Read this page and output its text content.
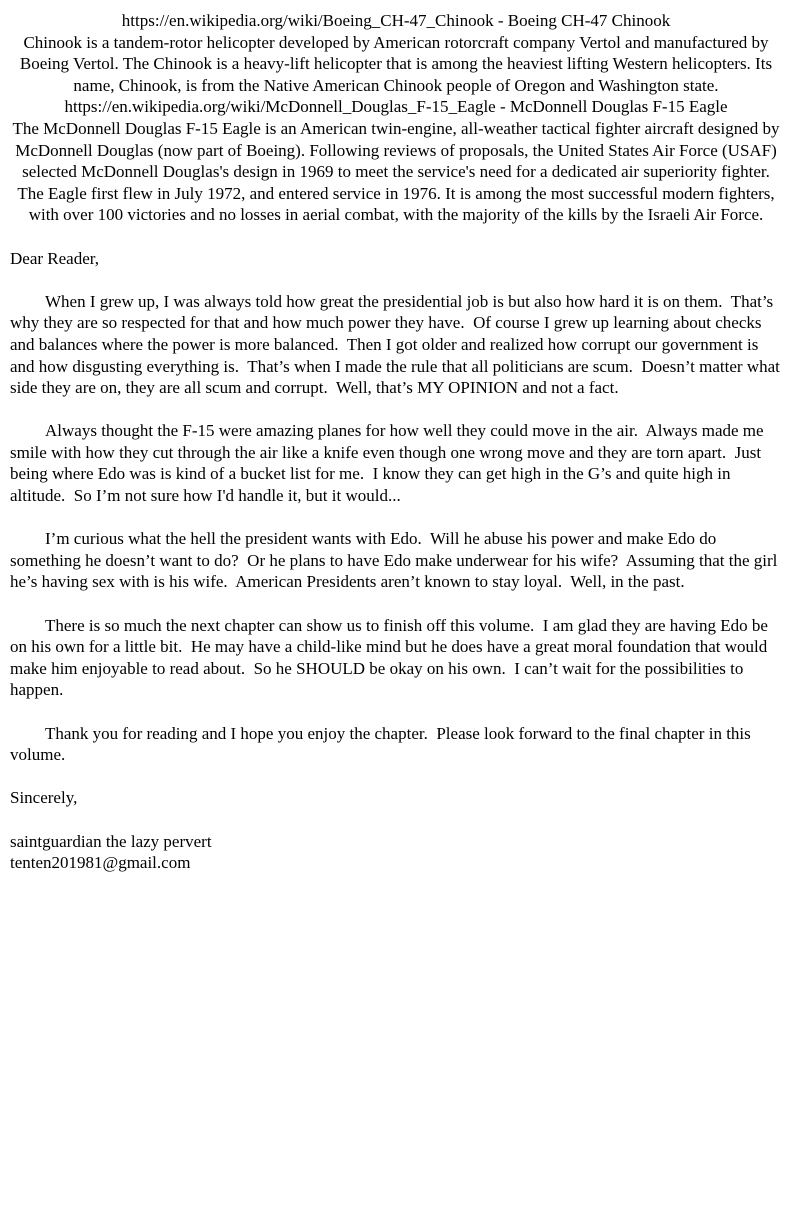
https://en.wikipedia.org/wiki/Boeing_CH-47_Chinook - Boeing CH-47 Chinook

Chinook is a tandem-rotor helicopter developed by American rotorcraft company Vertol and manufactured by Boeing Vertol. The Chinook is a heavy-lift helicopter that is among the heaviest lifting Western helicopters. Its name, Chinook, is from the Native American Chinook people of Oregon and Washington state.

https://en.wikipedia.org/wiki/McDonnell_Douglas_F-15_Eagle - McDonnell Douglas F-15 Eagle

The McDonnell Douglas F-15 Eagle is an American twin-engine, all-weather tactical fighter aircraft designed by McDonnell Douglas (now part of Boeing). Following reviews of proposals, the United States Air Force (USAF) selected McDonnell Douglas's design in 1969 to meet the service's need for a dedicated air superiority fighter. The Eagle first flew in July 1972, and entered service in 1976. It is among the most successful modern fighters, with over 100 victories and no losses in aerial combat, with the majority of the kills by the Israeli Air Force.

Dear Reader,

When I grew up, I was always told how great the presidential job is but also how hard it is on them.  That’s why they are so respected for that and how much power they have.  Of course I grew up learning about checks and balances where the power is more balanced.  Then I got older and realized how corrupt our government is and how disgusting everything is.  That’s when I made the rule that all politicians are scum.  Doesn’t matter what side they are on, they are all scum and corrupt.  Well, that’s MY OPINION and not a fact.

Always thought the F-15 were amazing planes for how well they could move in the air.  Always made me smile with how they cut through the air like a knife even though one wrong move and they are torn apart.  Just being where Edo was is kind of a bucket list for me.  I know they can get high in the G’s and quite high in altitude.  So I’m not sure how I'd handle it, but it would...

I’m curious what the hell the president wants with Edo.  Will he abuse his power and make Edo do something he doesn’t want to do?  Or he plans to have Edo make underwear for his wife?  Assuming that the girl he’s having sex with is his wife.  American Presidents aren’t known to stay loyal.  Well, in the past.

There is so much the next chapter can show us to finish off this volume.  I am glad they are having Edo be on his own for a little bit.  He may have a child-like mind but he does have a great moral foundation that would make him enjoyable to read about.  So he SHOULD be okay on his own.  I can’t wait for the possibilities to happen.

Thank you for reading and I hope you enjoy the chapter.  Please look forward to the final chapter in this volume.

Sincerely,

saintguardian the lazy pervert

tenten201981@gmail.com
